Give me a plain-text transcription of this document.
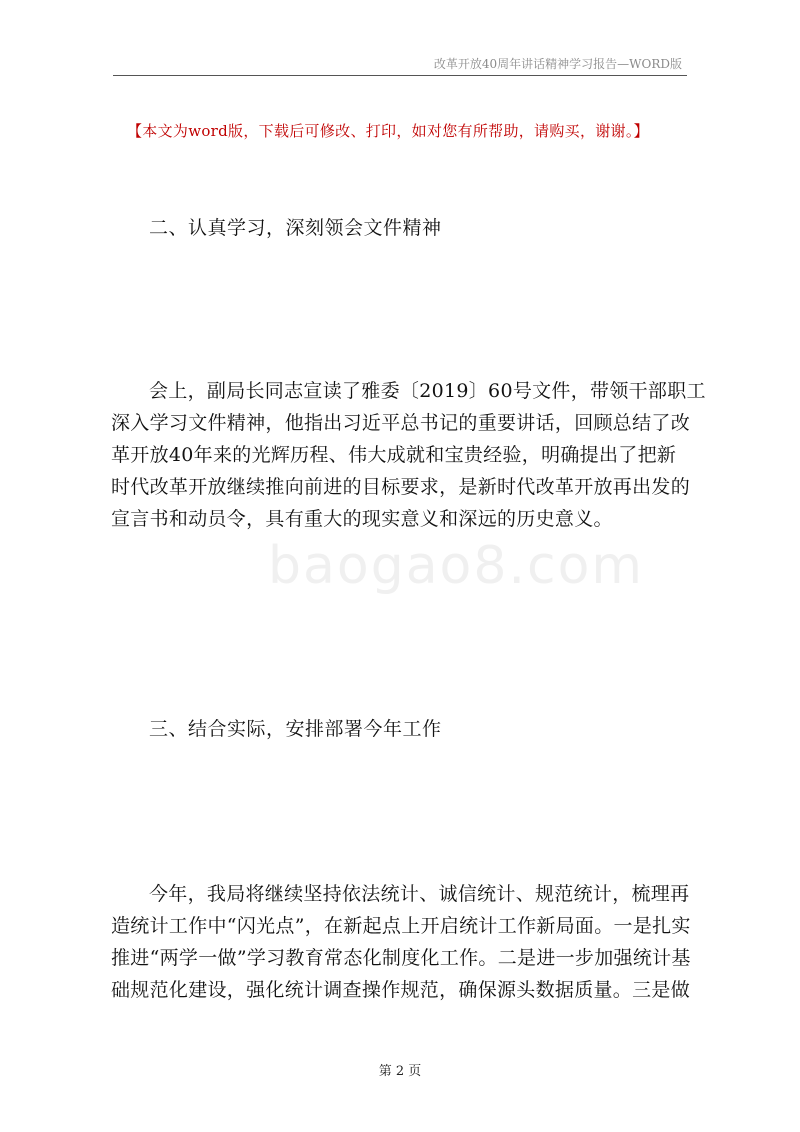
baogao8.com
改革开放40周年讲话精神学习报告—WORD版
【本文为word版，下载后可修改、打印，如对您有所帮助，请购买，谢谢。】
二、认真学习，深刻领会文件精神
会上，副局长同志宣读了雅委〔2019〕60号文件，带领干部职工
深入学习文件精神，他指出习近平总书记的重要讲话，回顾总结了改
革开放40年来的光辉历程、伟大成就和宝贵经验，明确提出了把新
时代改革开放继续推向前进的目标要求，是新时代改革开放再出发的
宣言书和动员令，具有重大的现实意义和深远的历史意义。
三、结合实际，安排部署今年工作
今年，我局将继续坚持依法统计、诚信统计、规范统计，梳理再
造统计工作中“闪光点”，在新起点上开启统计工作新局面。一是扎实
推进“两学一做”学习教育常态化制度化工作。二是进一步加强统计基
础规范化建设，强化统计调查操作规范，确保源头数据质量。三是做
第 2 页
